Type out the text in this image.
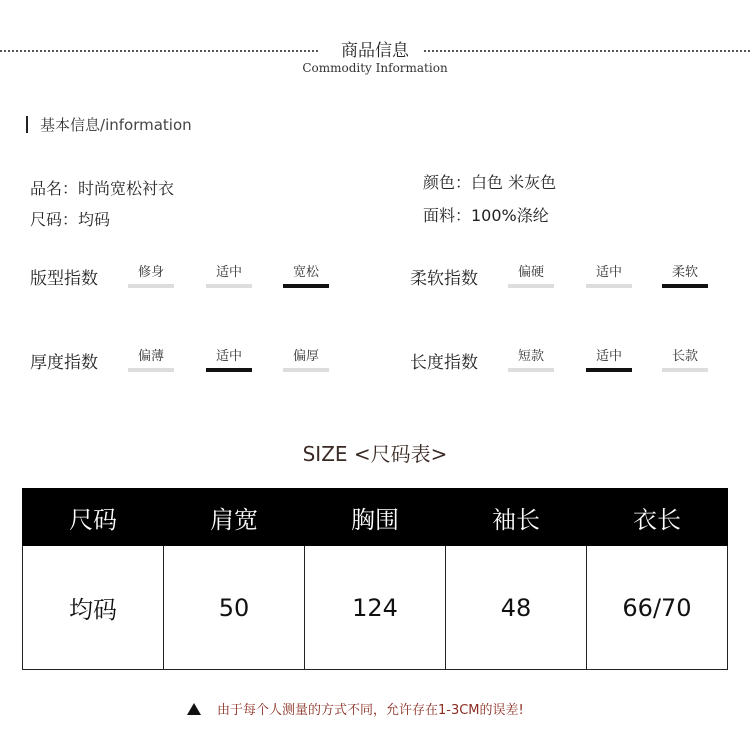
商品信息
Commodity Information
基本信息/information
品名：时尚宽松衬衣
尺码：均码
颜色：白色 米灰色
面料：100%涤纶
版型指数	修身	适中	宽松	柔软指数	偏硬	适中	柔软
厚度指数	偏薄	适中	偏厚	长度指数	短款	适中	长款
SIZE <尺码表>
尺码	肩宽	胸围	袖长	衣长
均码	50	124	48	66/70
由于每个人测量的方式不同，允许存在1-3CM的误差!
